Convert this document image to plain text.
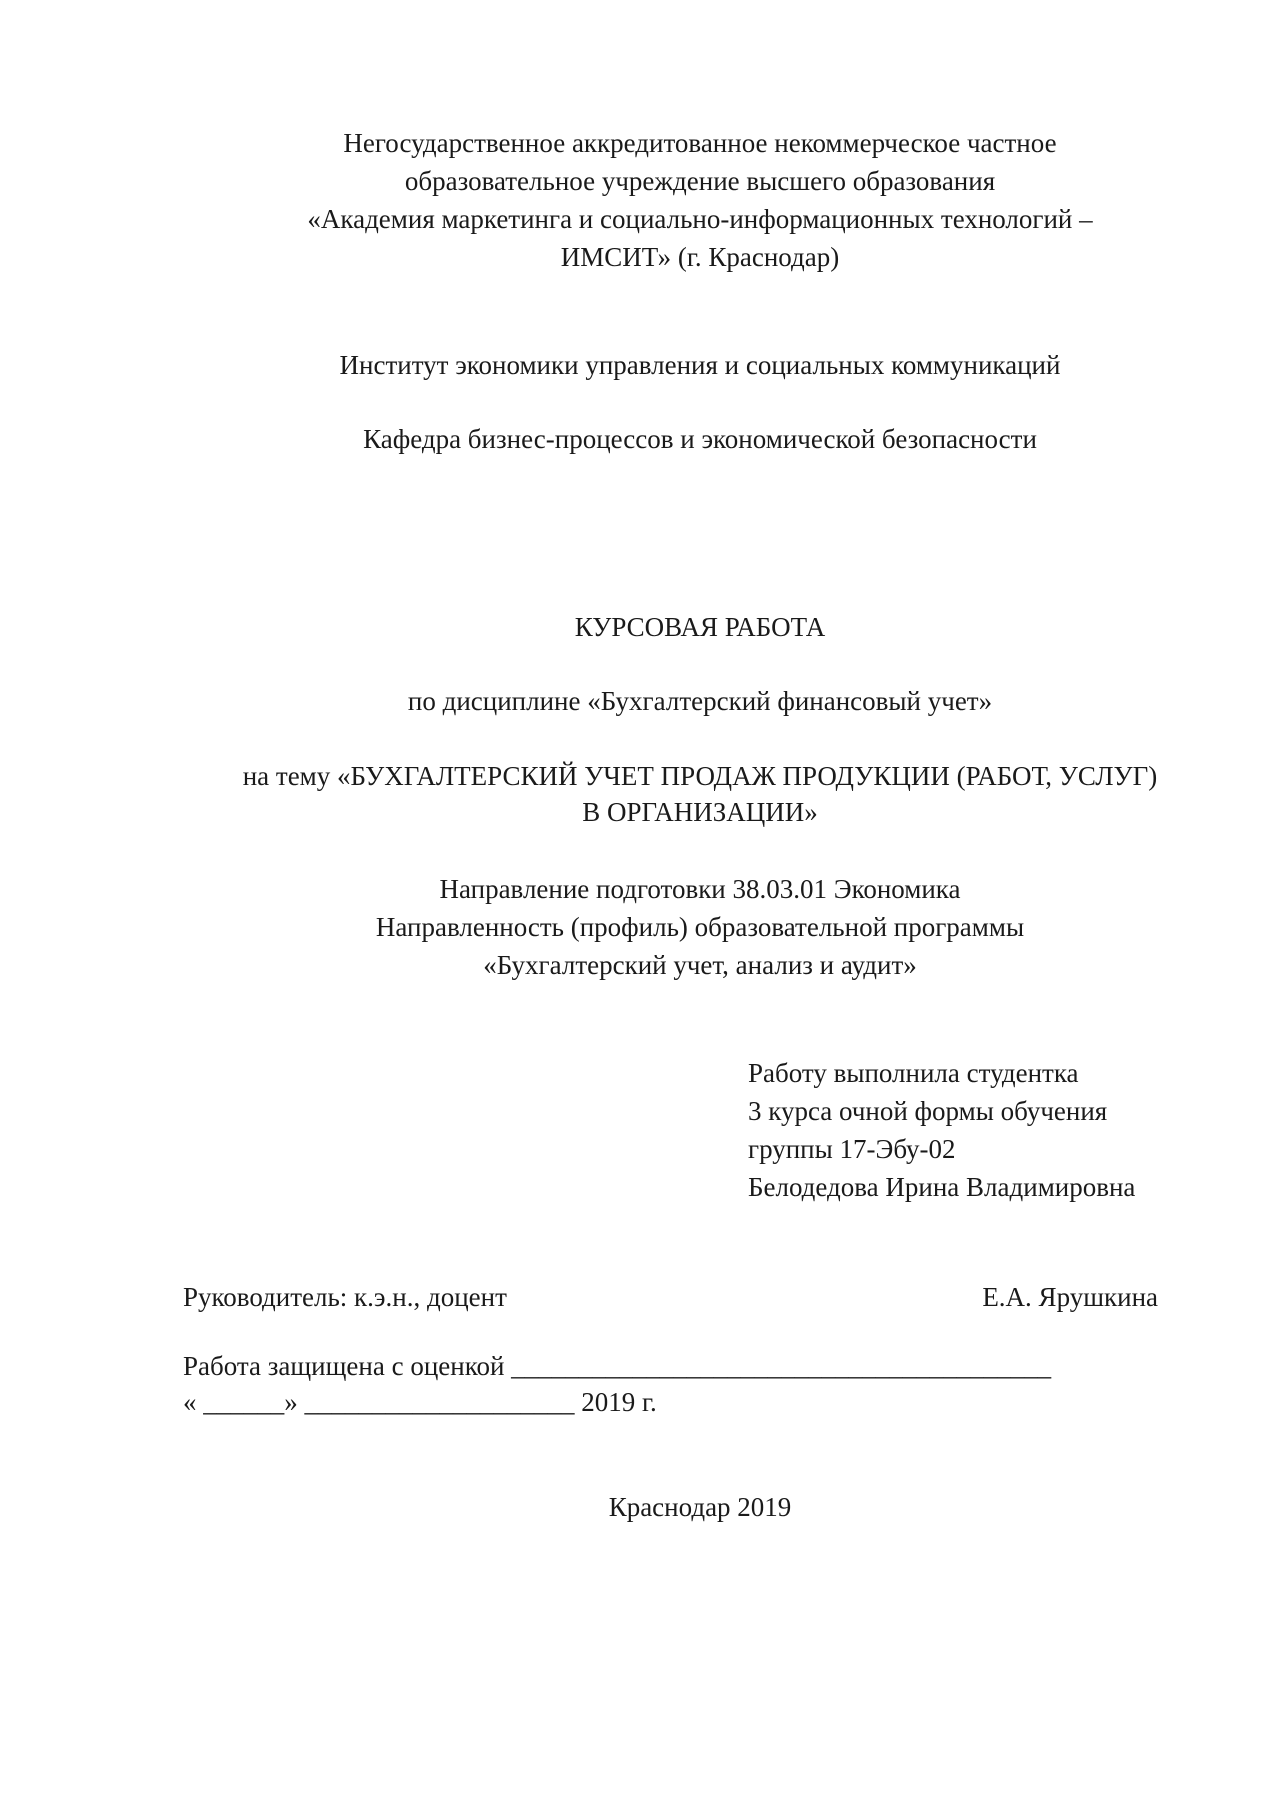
Негосударственное аккредитованное некоммерческое частное
образовательное учреждение высшего образования
«Академия маркетинга и социально-информационных технологий –
ИМСИТ» (г. Краснодар)
Институт экономики управления и социальных коммуникаций
Кафедра бизнес-процессов и экономической безопасности
КУРСОВАЯ РАБОТА
по дисциплине «Бухгалтерский финансовый учет»
на тему «БУХГАЛТЕРСКИЙ УЧЕТ ПРОДАЖ ПРОДУКЦИИ (РАБОТ, УСЛУГ)
В ОРГАНИЗАЦИИ»
Направление подготовки 38.03.01 Экономика
Направленность (профиль) образовательной программы
«Бухгалтерский учет, анализ и аудит»
Работу выполнила студентка
3 курса очной формы обучения
группы 17-Эбу-02
Белодедова Ирина Владимировна
Руководитель: к.э.н., доцент	Е.А. Ярушкина
Работа защищена с оценкой ________________________________________
« ______» ____________________ 2019 г.
Краснодар 2019
